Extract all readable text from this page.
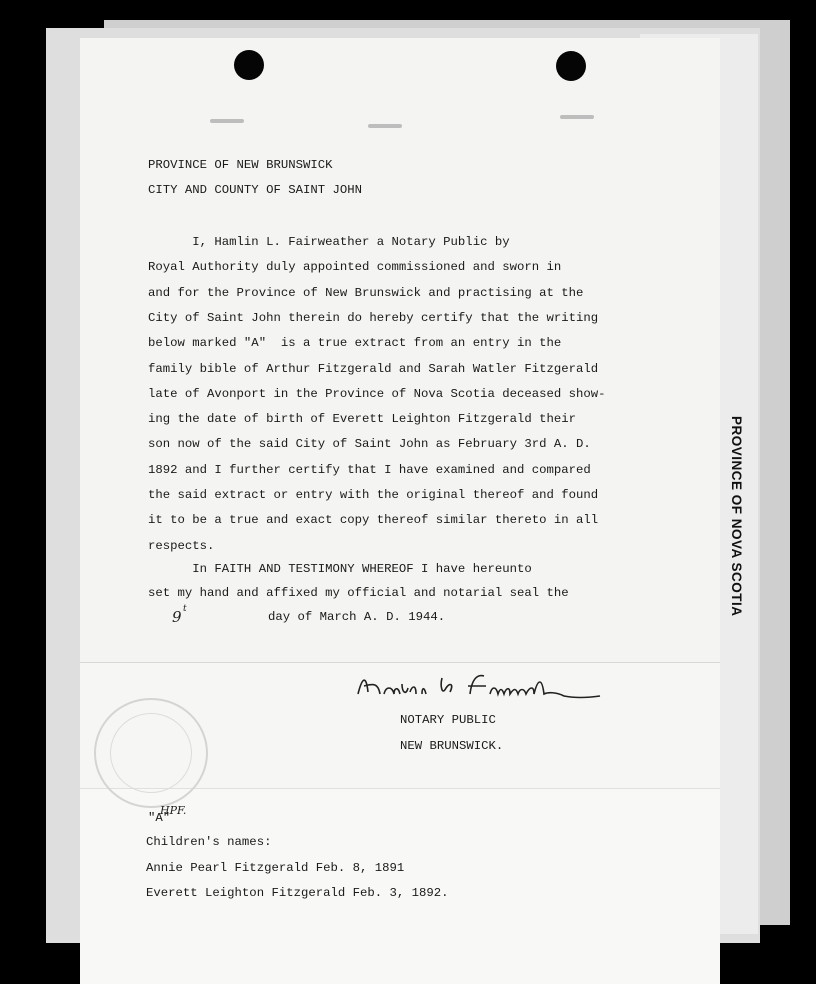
PROVINCE OF NOVA SCOTIA
PROVINCE OF NEW BRUNSWICK
CITY AND COUNTY OF SAINT JOHN
I, Hamlin L. Fairweather a Notary Public by
Royal Authority duly appointed commissioned and sworn in
and for the Province of New Brunswick and practising at the
City of Saint John therein do hereby certify that the writing
below marked "A"  is a true extract from an entry in the
family bible of Arthur Fitzgerald and Sarah Watler Fitzgerald
late of Avonport in the Province of Nova Scotia deceased show-
ing the date of birth of Everett Leighton Fitzgerald their
son now of the said City of Saint John as February 3rd A. D.
1892 and I further certify that I have examined and compared
the said extract or entry with the original thereof and found
it to be a true and exact copy thereof similar thereto in all
respects.
In FAITH AND TESTIMONY WHEREOF I have hereunto
set my hand and affixed my official and notarial seal the
9 t
day of March A. D. 1944.
NOTARY PUBLIC
NEW BRUNSWICK.
"A"
HPF.
Children's names:
Annie Pearl Fitzgerald Feb. 8, 1891
Everett Leighton Fitzgerald Feb. 3, 1892.
